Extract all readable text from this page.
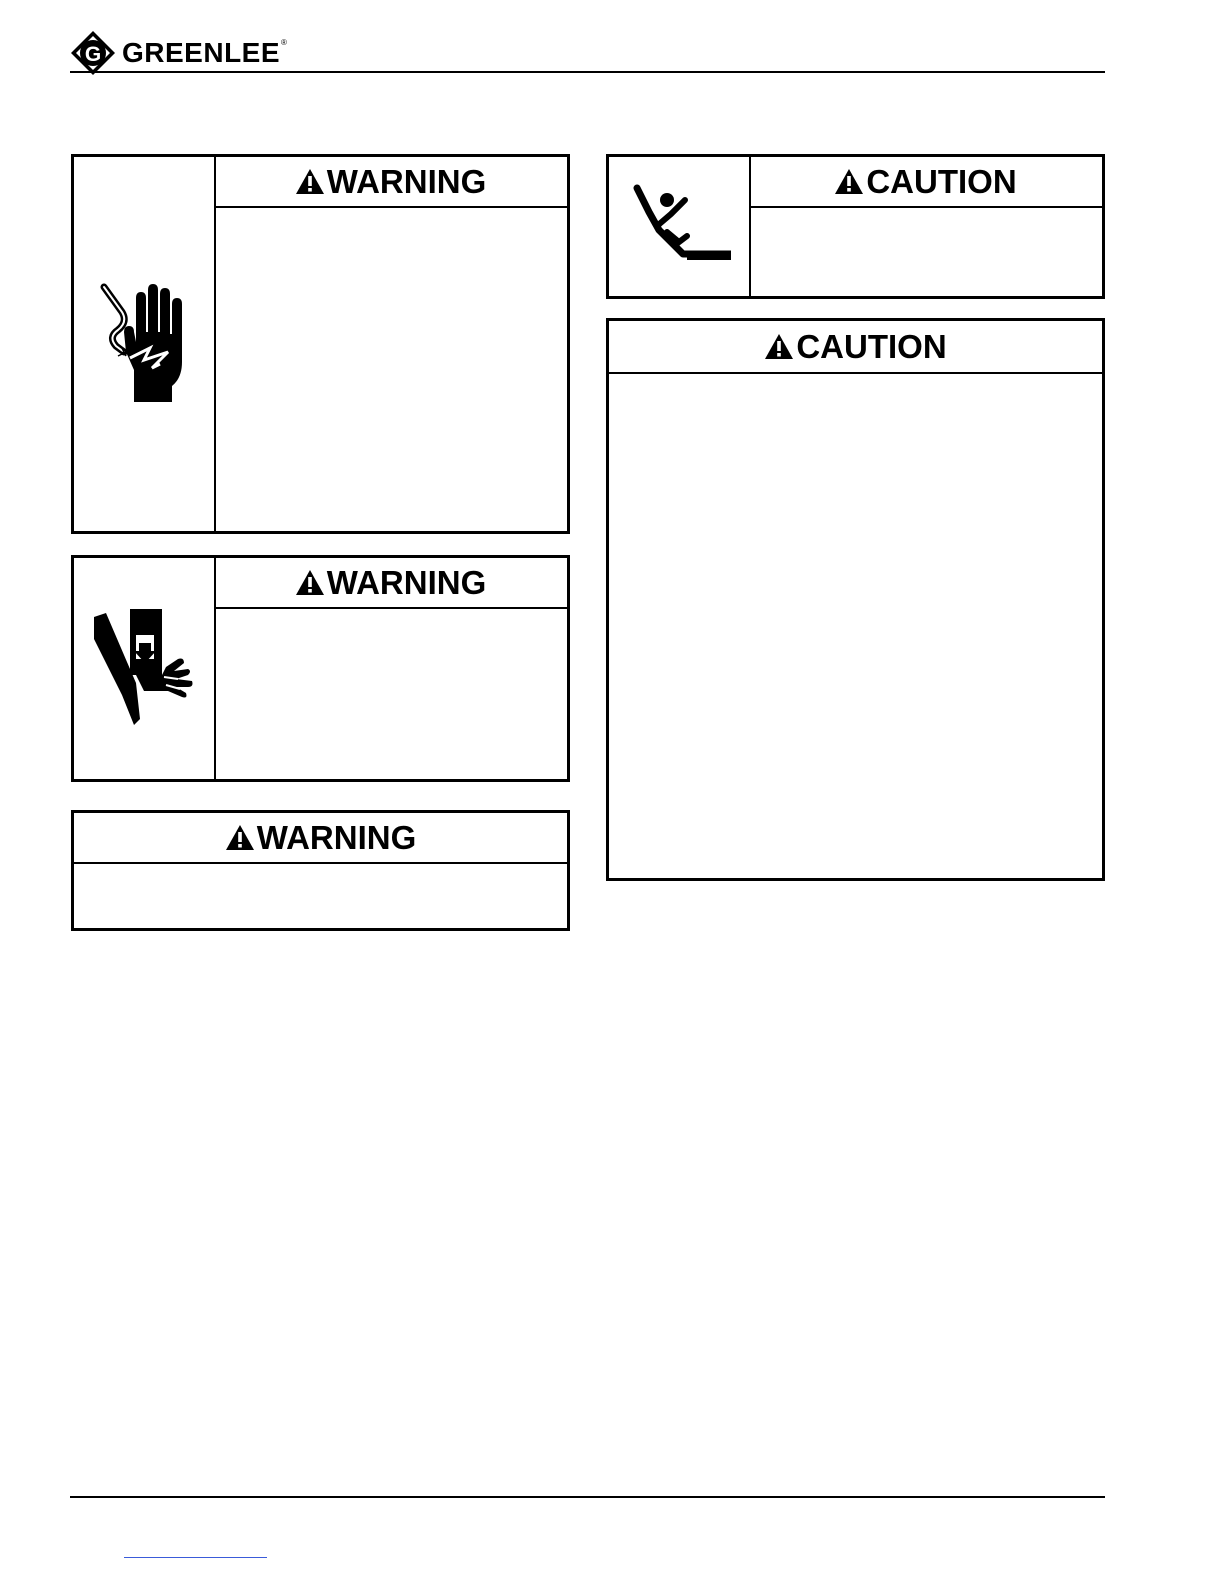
G GREENLEE®
WARNING
WARNING
WARNING
CAUTION
CAUTION
